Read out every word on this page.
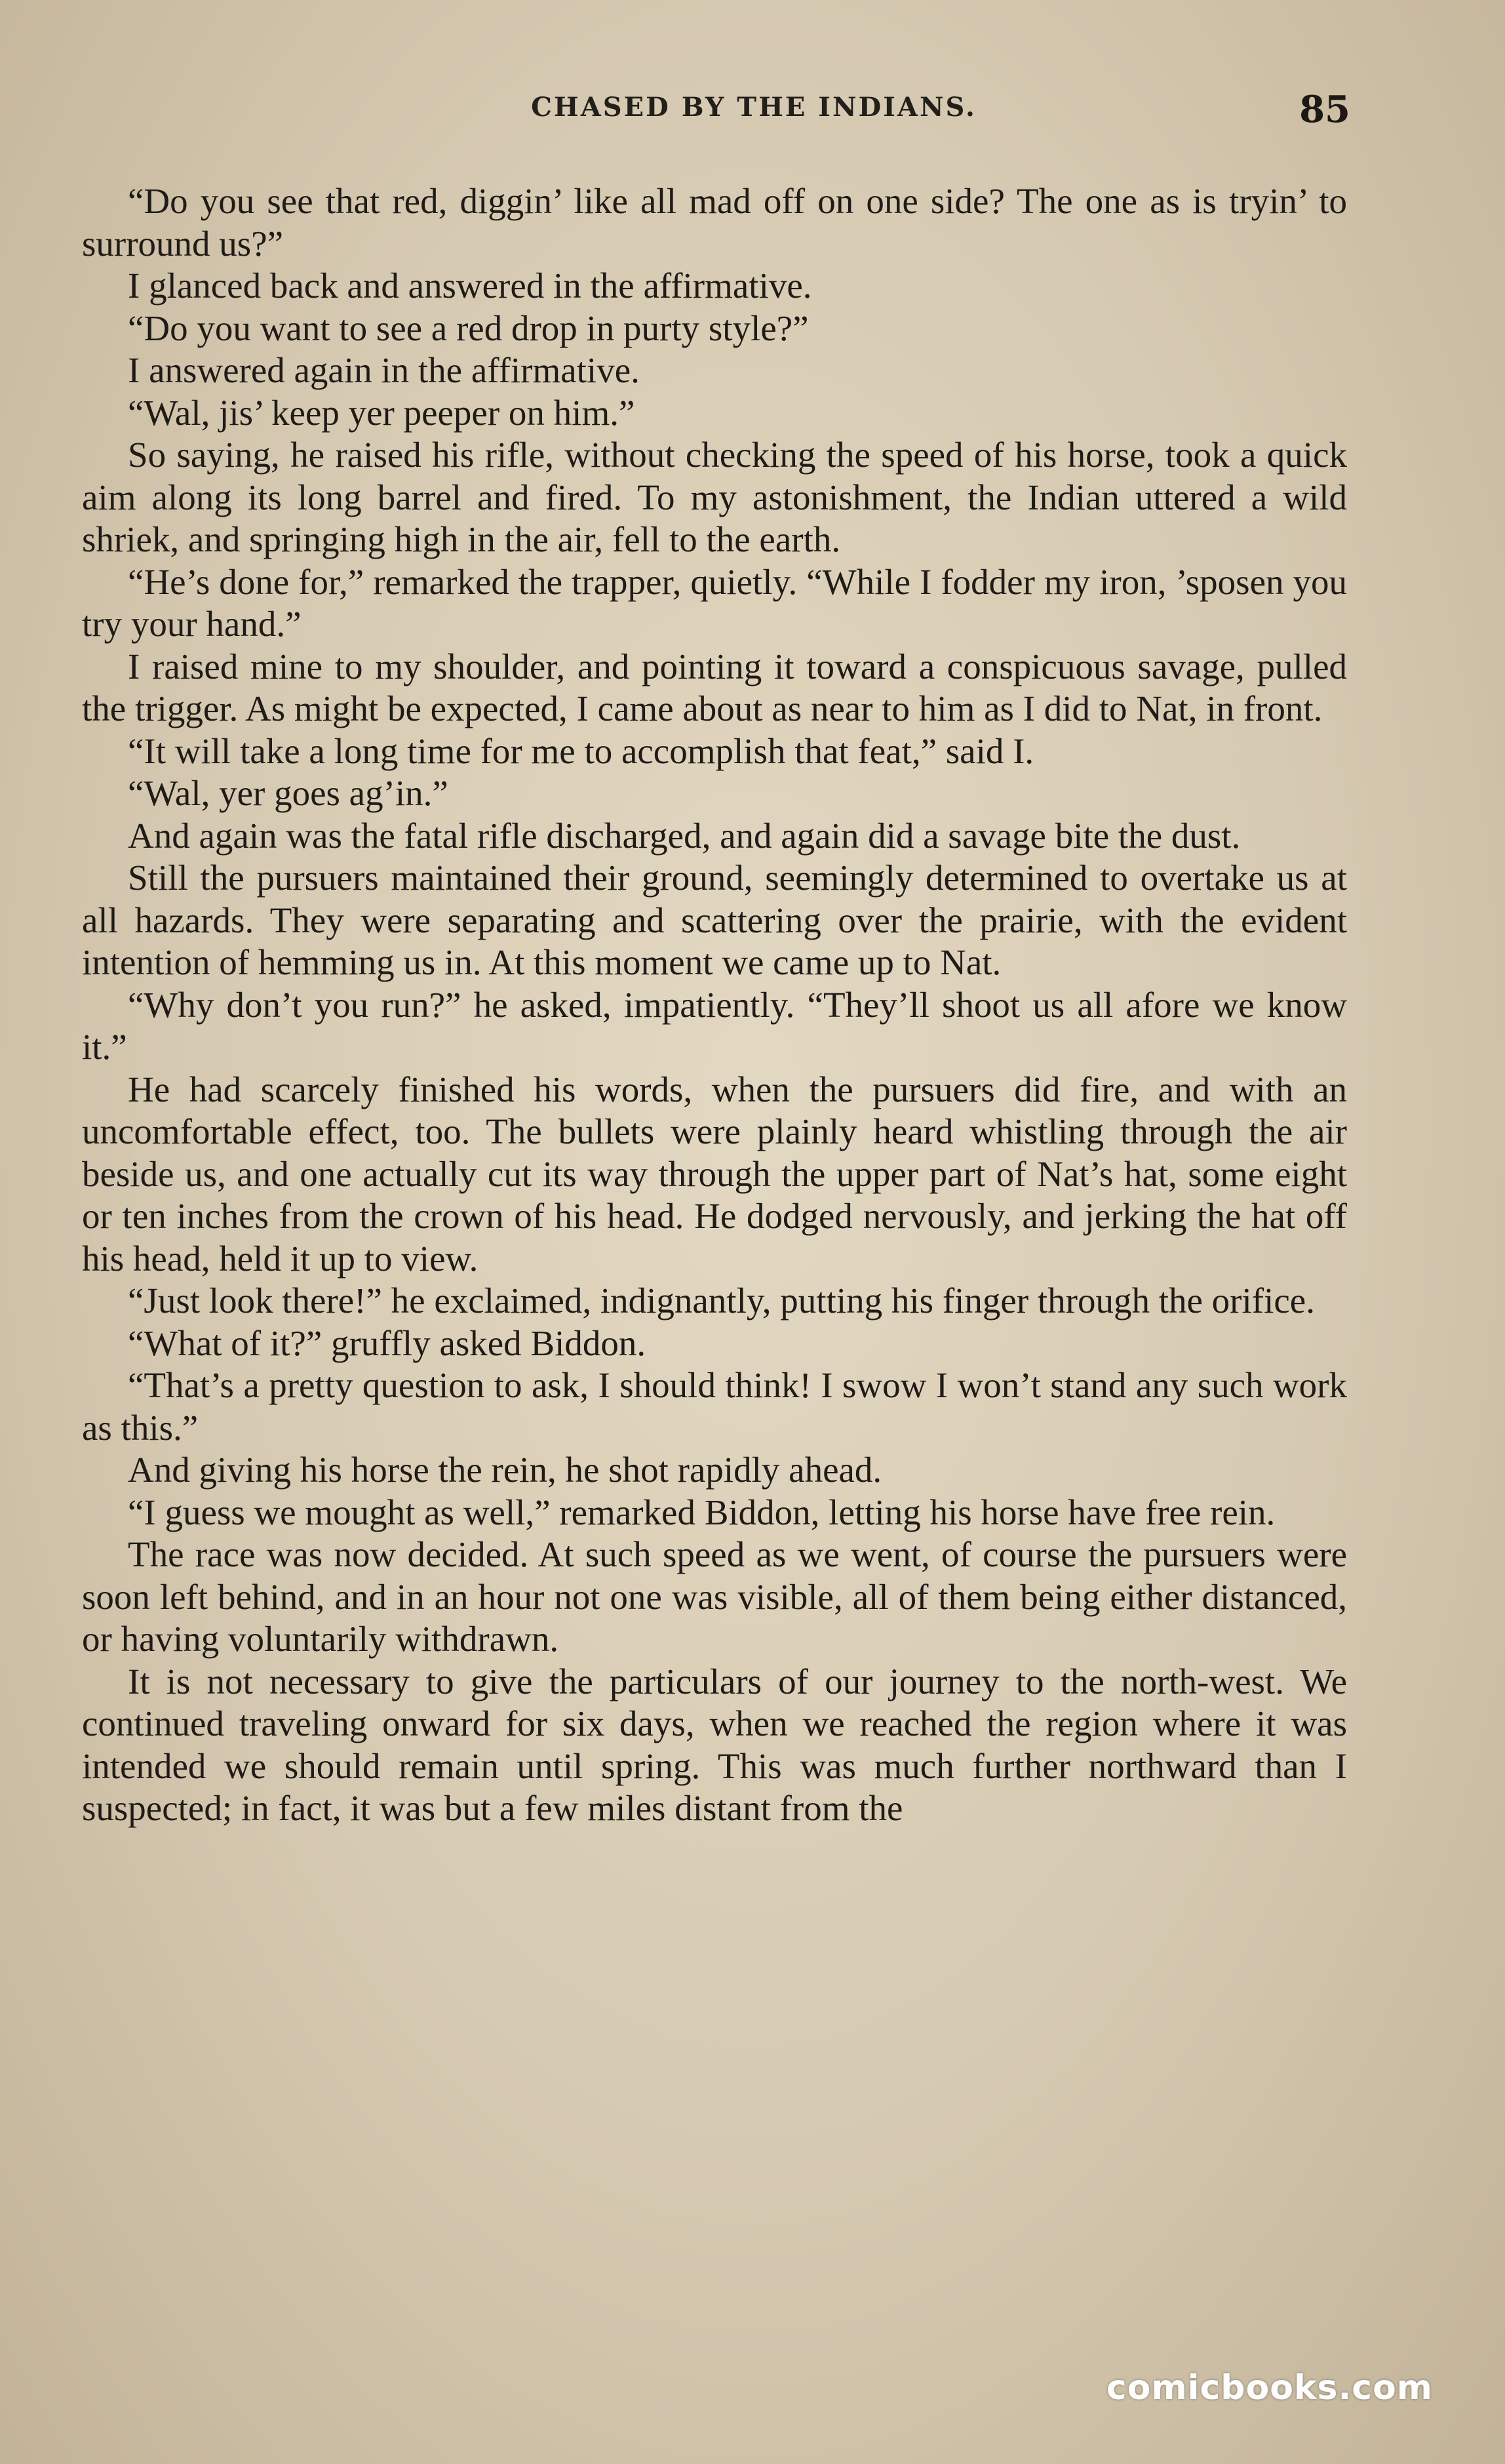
CHASED BY THE INDIANS.	85

“Do you see that red, diggin’ like all mad off on one side? The one as is tryin’ to surround us?”

I glanced back and answered in the affirmative.

“Do you want to see a red drop in purty style?”

I answered again in the affirmative.

“Wal, jis’ keep yer peeper on him.”

So saying, he raised his rifle, without checking the speed of his horse, took a quick aim along its long barrel and fired. To my astonishment, the Indian uttered a wild shriek, and springing high in the air, fell to the earth.

“He’s done for,” remarked the trapper, quietly. “While I fodder my iron, ’sposen you try your hand.”

I raised mine to my shoulder, and pointing it toward a conspicuous savage, pulled the trigger. As might be expected, I came about as near to him as I did to Nat, in front.

“It will take a long time for me to accomplish that feat,” said I.

“Wal, yer goes ag’in.”

And again was the fatal rifle discharged, and again did a savage bite the dust.

Still the pursuers maintained their ground, seemingly determined to overtake us at all hazards. They were separating and scattering over the prairie, with the evident intention of hemming us in. At this moment we came up to Nat.

“Why don’t you run?” he asked, impatiently. “They’ll shoot us all afore we know it.”

He had scarcely finished his words, when the pursuers did fire, and with an uncomfortable effect, too. The bullets were plainly heard whistling through the air beside us, and one actually cut its way through the upper part of Nat’s hat, some eight or ten inches from the crown of his head. He dodged nervously, and jerking the hat off his head, held it up to view.

“Just look there!” he exclaimed, indignantly, putting his finger through the orifice.

“What of it?” gruffly asked Biddon.

“That’s a pretty question to ask, I should think! I swow I won’t stand any such work as this.”

And giving his horse the rein, he shot rapidly ahead.

“I guess we mought as well,” remarked Biddon, letting his horse have free rein.

The race was now decided. At such speed as we went, of course the pursuers were soon left behind, and in an hour not one was visible, all of them being either distanced, or having voluntarily withdrawn.

It is not necessary to give the particulars of our journey to the north-west. We continued traveling onward for six days, when we reached the region where it was intended we should remain until spring. This was much further northward than I suspected; in fact, it was but a few miles distant from the

comicbooks.com
